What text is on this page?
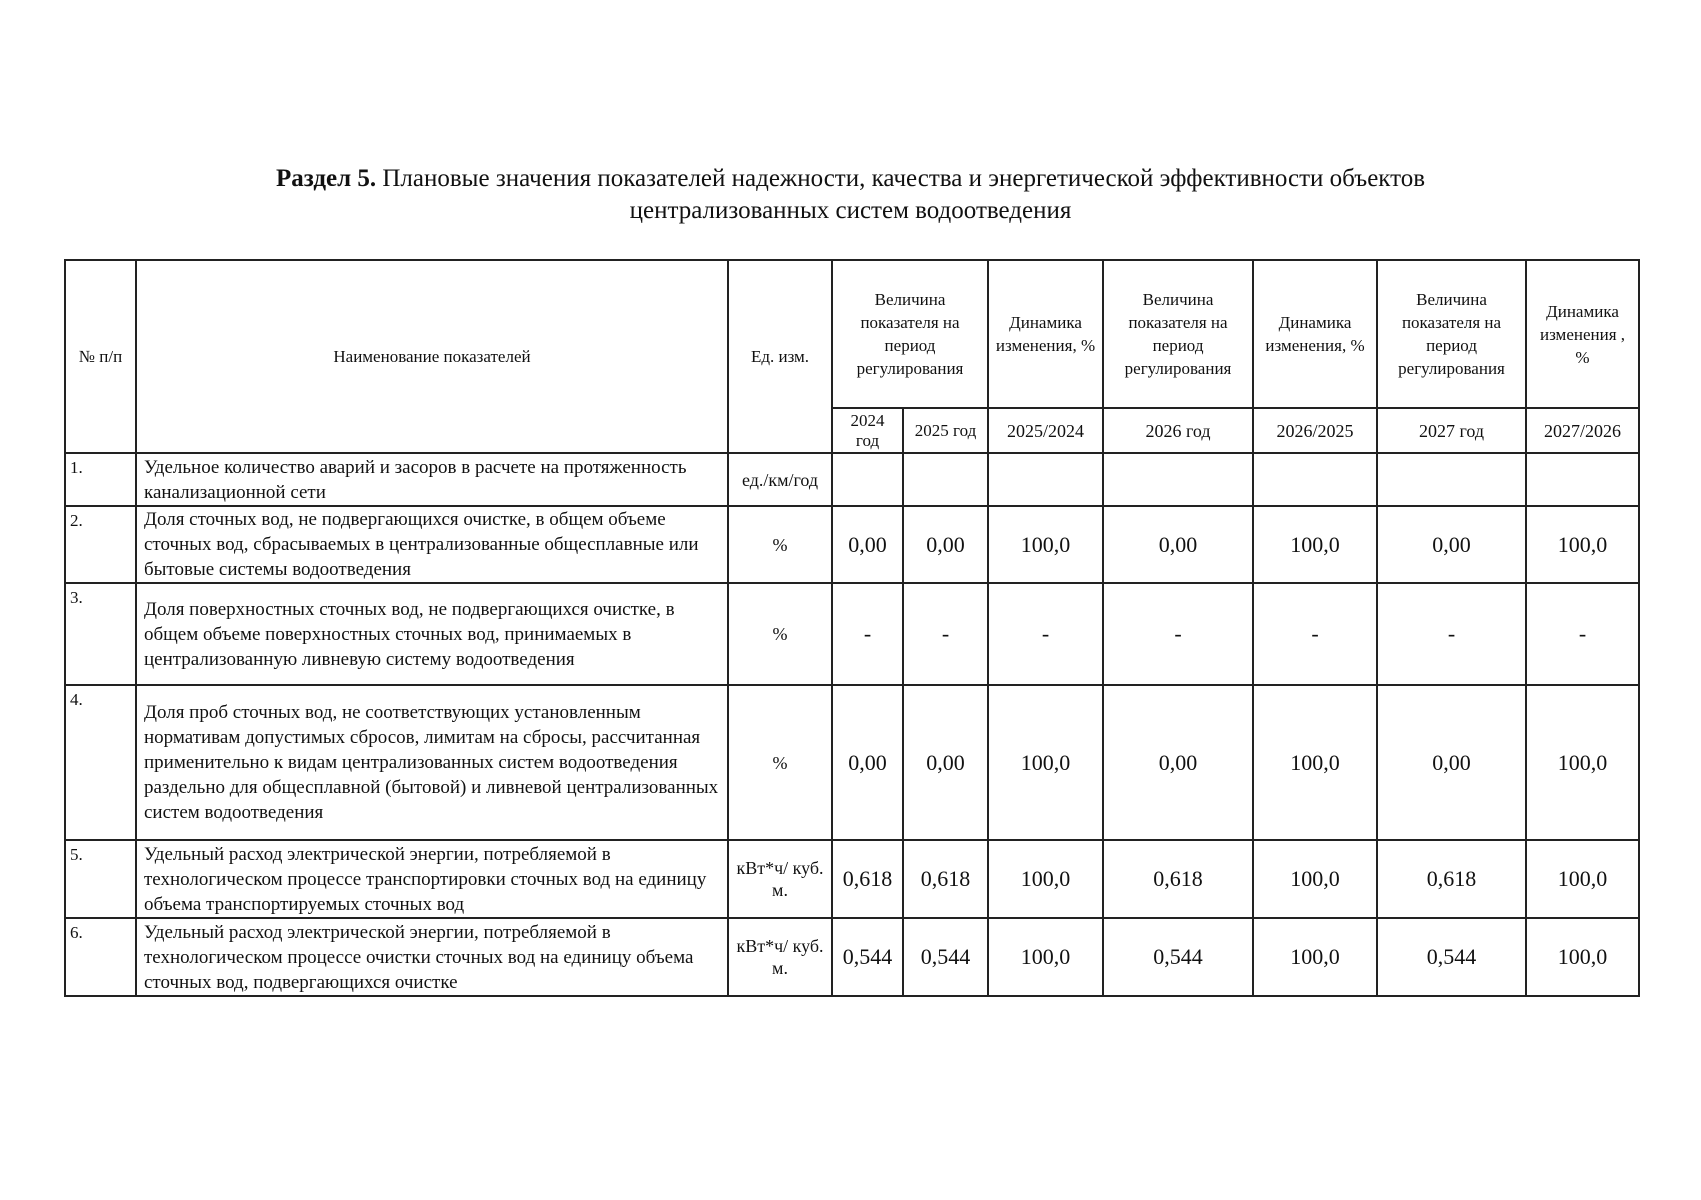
Раздел 5. Плановые значения показателей надежности, качества и энергетической эффективности объектов
централизованных систем водоотведения
№ п/п	Наименование показателей	Ед. изм.	Величина показателя на период регулирования		Динамика изменения, %	Величина показателя на период регулирования	Динамика изменения, %	Величина показателя на период регулирования	Динамика изменения , %
			2024 год	2025 год	2025/2024	2026 год	2026/2025	2027 год	2027/2026
1.	Удельное количество аварий и засоров в расчете на протяженность канализационной сети	ед./км/год							
2.	Доля сточных вод, не подвергающихся очистке, в общем объеме сточных вод, сбрасываемых в централизованные общесплавные или бытовые системы водоотведения	%	0,00	0,00	100,0	0,00	100,0	0,00	100,0
3.	Доля поверхностных сточных вод, не подвергающихся очистке, в общем объеме поверхностных сточных вод, принимаемых в централизованную ливневую систему водоотведения	%	-	-	-	-	-	-	-
4.	Доля проб сточных вод, не соответствующих установленным нормативам допустимых сбросов, лимитам на сбросы, рассчитанная применительно к видам централизованных систем водоотведения раздельно для общесплавной (бытовой) и ливневой централизованных систем водоотведения	%	0,00	0,00	100,0	0,00	100,0	0,00	100,0
5.	Удельный расход электрической энергии, потребляемой в технологическом процессе транспортировки сточных вод на единицу объема транспортируемых сточных вод	кВт*ч/ куб. м.	0,618	0,618	100,0	0,618	100,0	0,618	100,0
6.	Удельный расход электрической энергии, потребляемой в технологическом процессе очистки сточных вод на единицу объема сточных вод, подвергающихся очистке	кВт*ч/ куб. м.	0,544	0,544	100,0	0,544	100,0	0,544	100,0
